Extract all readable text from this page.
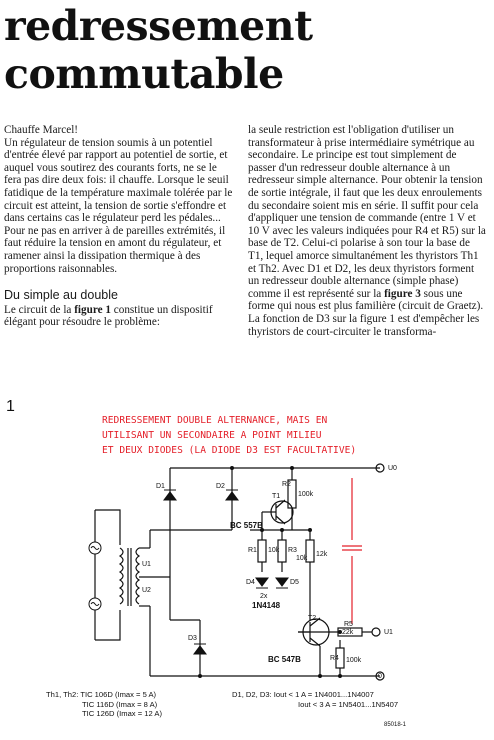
redressement
commutable

Chauffe Marcel!

Un régulateur de tension soumis à un potentiel d'entrée élevé par rapport au potentiel de sortie, et auquel vous soutirez des courants forts, ne se le fera pas dire deux fois: il chauffe. Lorsque le seuil fatidique de la température maximale tolérée par le circuit est atteint, la tension de sortie s'effondre et dans certains cas le régulateur perd les pédales...

Pour ne pas en arriver à de pareilles extrémités, il faut réduire la tension en amont du régulateur, et ramener ainsi la dissipation thermique à des proportions raisonnables.

Du simple au double

Le circuit de la figure 1 constitue un dispositif élégant pour résoudre le problème:

la seule restriction est l'obligation d'utiliser un transformateur à prise intermédiaire symétrique au secondaire. Le principe est tout simplement de passer d'un redresseur double alternance à un redresseur simple alternance. Pour obtenir la tension de sortie intégrale, il faut que les deux enroulements du secondaire soient mis en série. Il suffit pour cela d'appliquer une tension de commande (entre 1 V et 10 V avec les valeurs indiquées pour R4 et R5) sur la base de T2. Celui-ci polarise à son tour la base de T1, lequel amorce simultanément les thyristors Th1 et Th2. Avec D1 et D2, les deux thyristors forment un redresseur double alternance (simple phase) comme il est représenté sur la figure 3 sous une forme qui nous est plus familière (circuit de Graetz). La fonction de D3 sur la figure 1 est d'empêcher les thyristors de court-circuiter le transforma-

1
REDRESSEMENT DOUBLE ALTERNANCE, MAIS EN
UTILISANT UN SECONDAIRE A POINT MILIEU
ET DEUX DIODES (LA DIODE D3 EST FACULTATIVE)
D1	D2
D3
D4	D5
T1
T2
BC 557B
BC 547B
R1 10k
R2
100k
R3
10k
12k
R4 100k
R5
22k
2x
1N4148
U1
U2
U0
U1
0
Th1, Th2: TIC 106D (Imax = 5 A)
TIC 116D (Imax = 8 A)
TIC 126D (Imax = 12 A)
D1, D2, D3: Iout < 1 A = 1N4001...1N4007
Iout < 3 A = 1N5401...1N5407
85018-1
